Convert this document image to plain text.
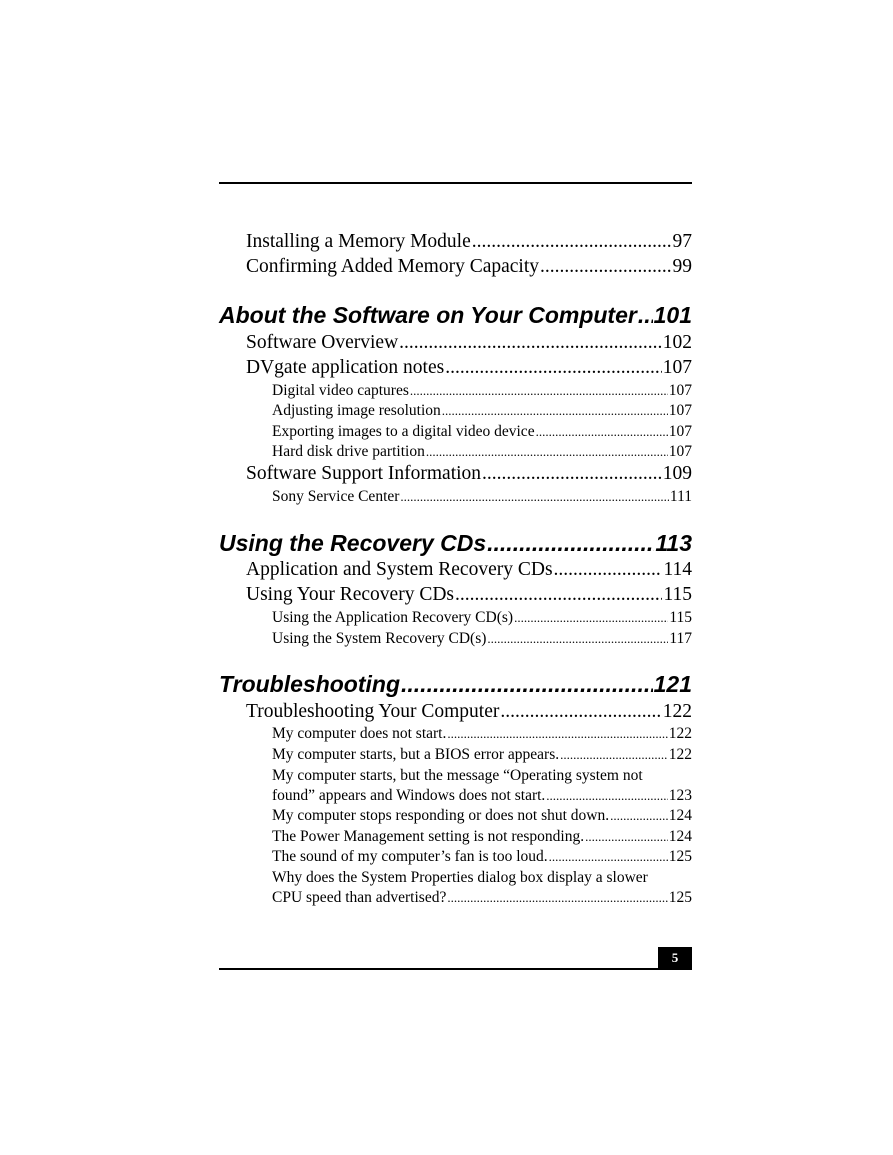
Installing a Memory Module .....	97
Confirming Added Memory Capacity .....	99
About the Software on Your Computer ..... 101
Software Overview .....	102
DVgate application notes .....	107
Digital video captures .....	107
Adjusting image resolution .....	107
Exporting images to a digital video device .....	107
Hard disk drive partition .....	107
Software Support Information .....	109
Sony Service Center .....	111
Using the Recovery CDs .....	113
Application and System Recovery CDs .....	114
Using Your Recovery CDs .....	115
Using the Application Recovery CD(s) .....	115
Using the System Recovery CD(s) .....	117
Troubleshooting .....	121
Troubleshooting Your Computer .....	122
My computer does not start. .....	122
My computer starts, but a BIOS error appears. .....	122
My computer starts, but the message “Operating system not
found” appears and Windows does not start. .....	123
My computer stops responding or does not shut down. .....	124
The Power Management setting is not responding. .....	124
The sound of my computer’s fan is too loud. .....	125
Why does the System Properties dialog box display a slower
CPU speed than advertised? .....	125
5
